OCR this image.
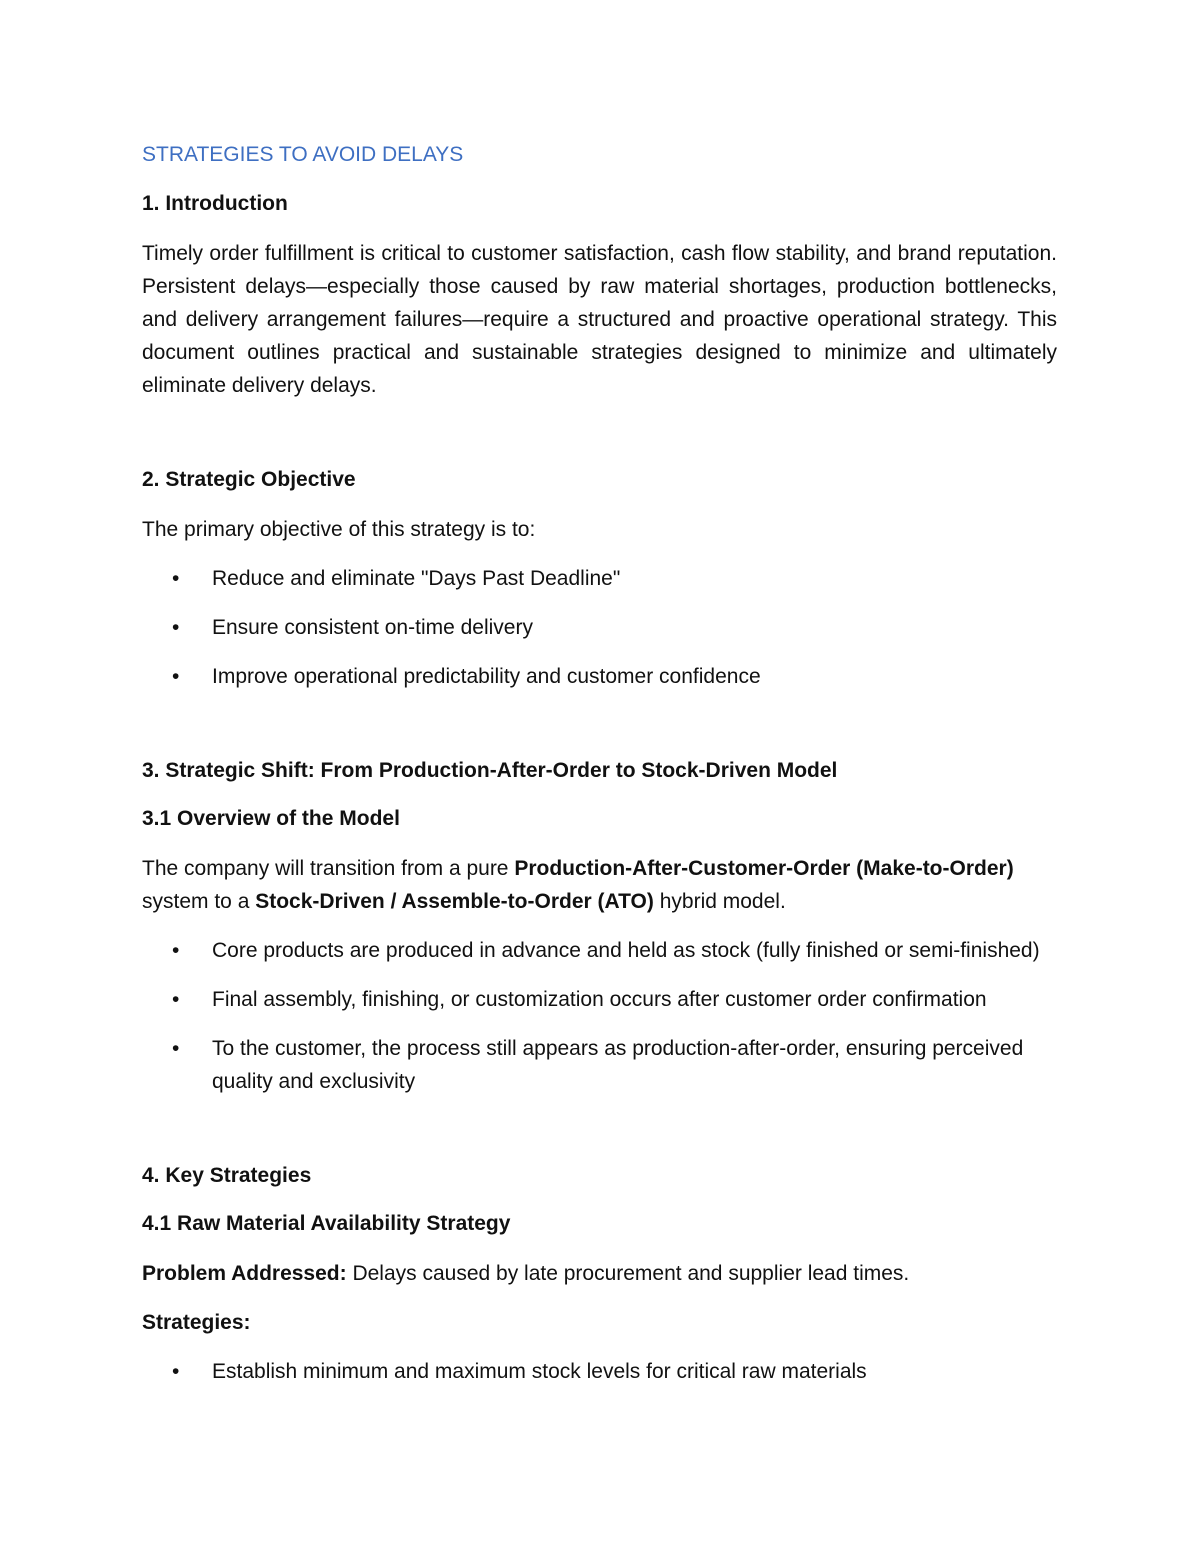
STRATEGIES TO AVOID DELAYS
1. Introduction

Timely order fulfillment is critical to customer satisfaction, cash flow stability, and brand reputation. Persistent delays—especially those caused by raw material shortages, production bottlenecks, and delivery arrangement failures—require a structured and proactive operational strategy. This document outlines practical and sustainable strategies designed to minimize and ultimately eliminate delivery delays.

2. Strategic Objective

The primary objective of this strategy is to:

• Reduce and eliminate "Days Past Deadline"
• Ensure consistent on-time delivery
• Improve operational predictability and customer confidence
3. Strategic Shift: From Production-After-Order to Stock-Driven Model
3.1 Overview of the Model

The company will transition from a pure Production-After-Customer-Order (Make-to-Order) system to a Stock-Driven / Assemble-to-Order (ATO) hybrid model.

• Core products are produced in advance and held as stock (fully finished or semi-finished)
• Final assembly, finishing, or customization occurs after customer order confirmation
• To the customer, the process still appears as production-after-order, ensuring perceived quality and exclusivity
4. Key Strategies
4.1 Raw Material Availability Strategy

Problem Addressed: Delays caused by late procurement and supplier lead times.

Strategies:

• Establish minimum and maximum stock levels for critical raw materials
